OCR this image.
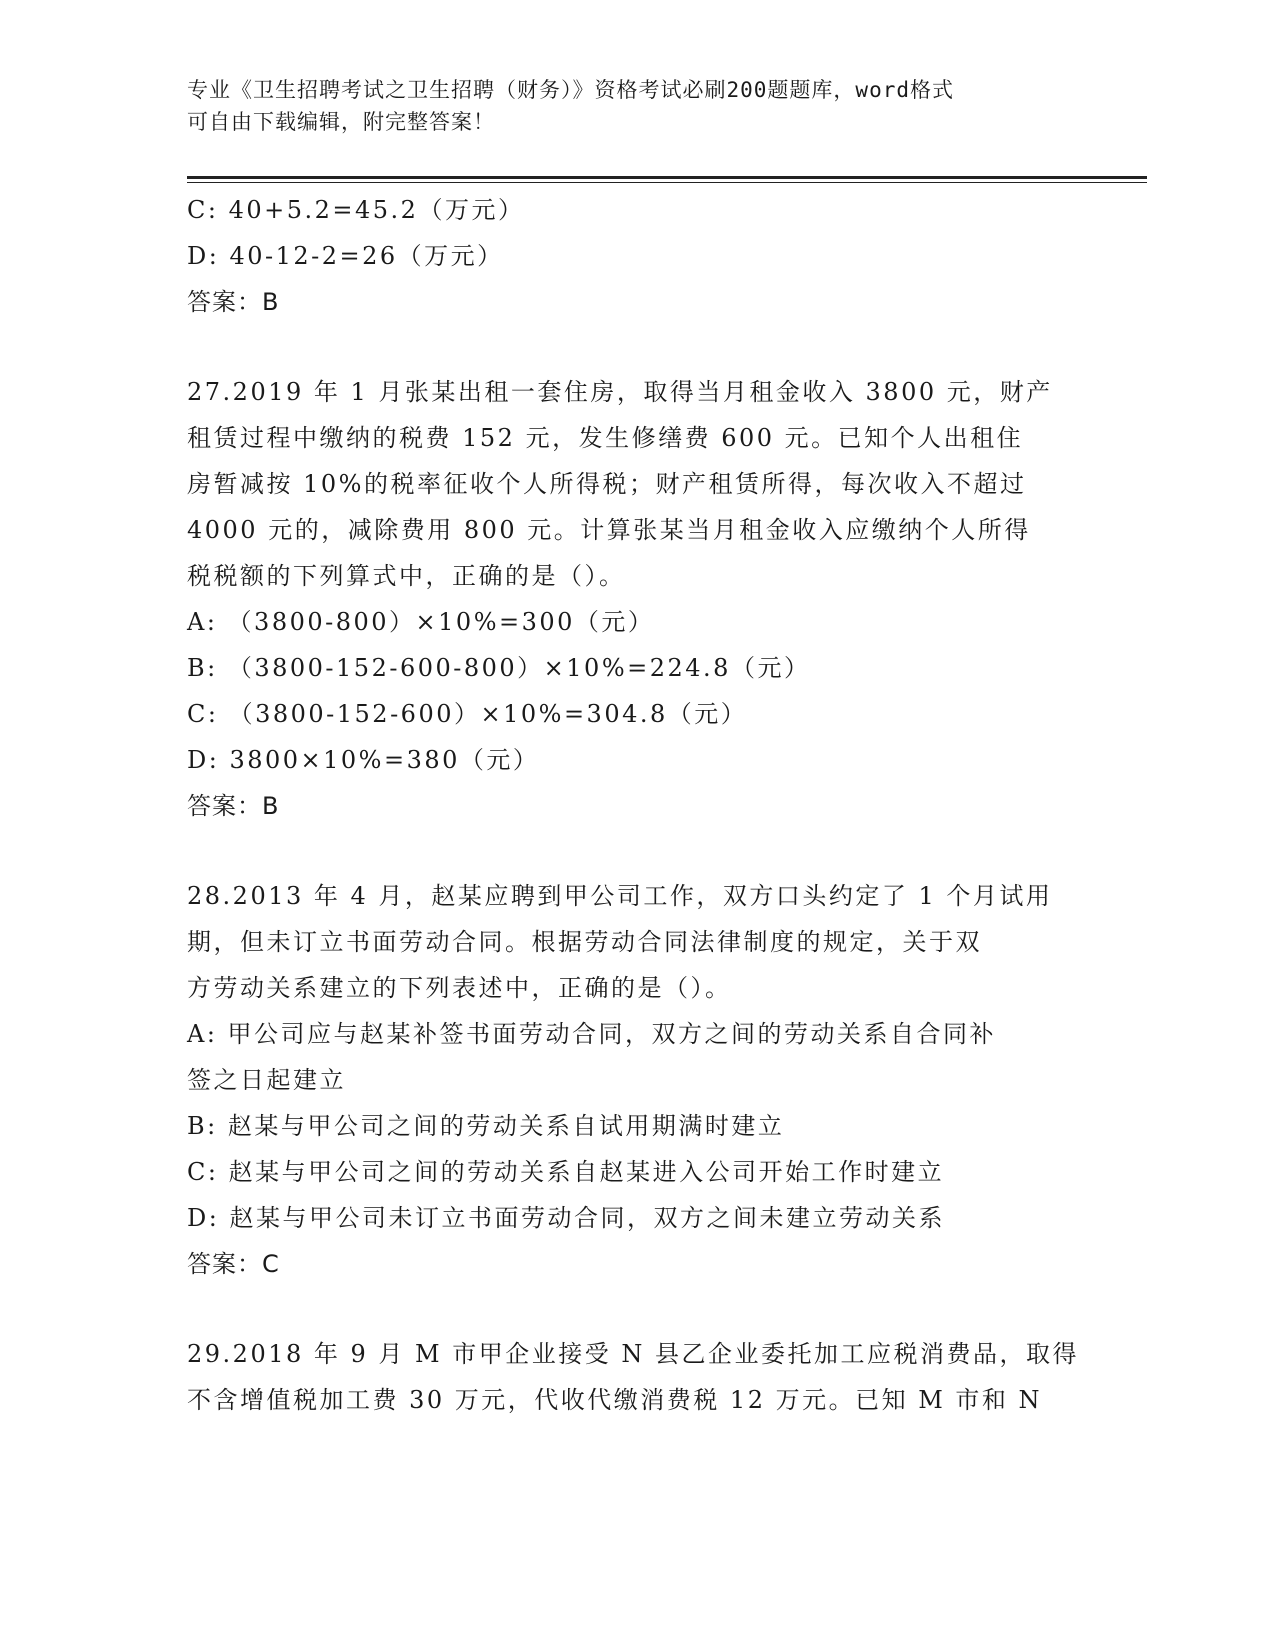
专业《卫生招聘考试之卫生招聘（财务）》资格考试必刷200题题库，word格式
可自由下载编辑，附完整答案！
C: 40+5.2=45.2（万元）
D: 40-12-2=26（万元）
答案：B
27.2019 年 1 月张某出租一套住房，取得当月租金收入 3800 元，财产
租赁过程中缴纳的税费 152 元，发生修缮费 600 元。已知个人出租住
房暂减按 10%的税率征收个人所得税；财产租赁所得，每次收入不超过
4000 元的，减除费用 800 元。计算张某当月租金收入应缴纳个人所得
税税额的下列算式中，正确的是（）。
A: （3800-800）×10%=300（元）
B: （3800-152-600-800）×10%=224.8（元）
C: （3800-152-600）×10%=304.8（元）
D: 3800×10%=380（元）
答案：B
28.2013 年 4 月，赵某应聘到甲公司工作，双方口头约定了 1 个月试用
期，但未订立书面劳动合同。根据劳动合同法律制度的规定，关于双
方劳动关系建立的下列表述中，正确的是（）。
A: 甲公司应与赵某补签书面劳动合同，双方之间的劳动关系自合同补
签之日起建立
B: 赵某与甲公司之间的劳动关系自试用期满时建立
C: 赵某与甲公司之间的劳动关系自赵某进入公司开始工作时建立
D: 赵某与甲公司未订立书面劳动合同，双方之间未建立劳动关系
答案：C
29.2018 年 9 月 M 市甲企业接受 N 县乙企业委托加工应税消费品，取得
不含增值税加工费 30 万元，代收代缴消费税 12 万元。已知 M 市和 N
